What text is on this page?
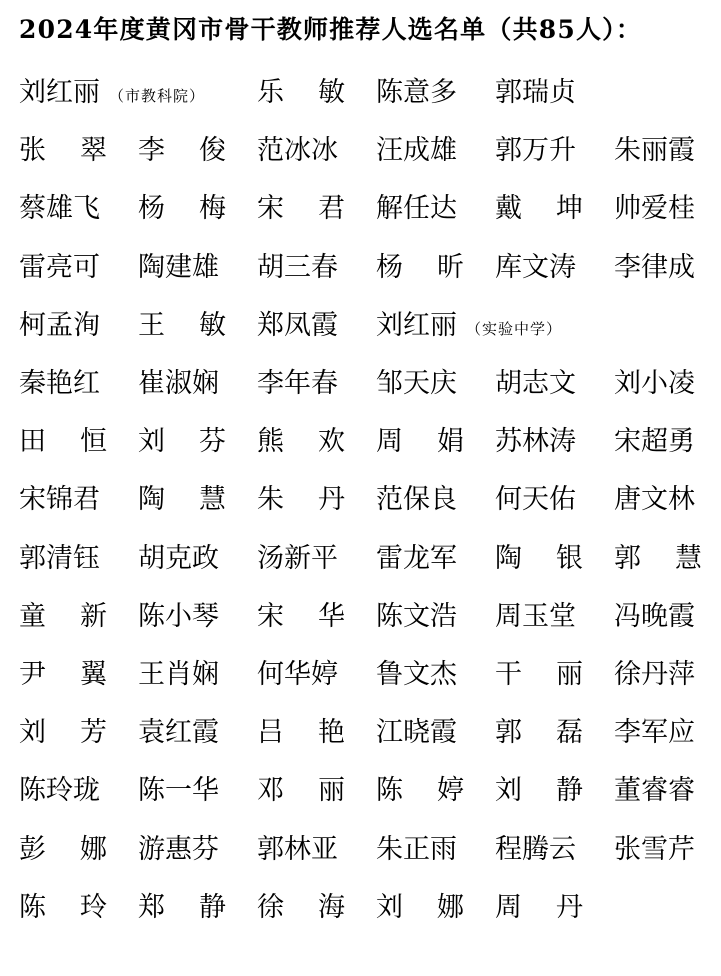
2024年度黄冈市骨干教师推荐人选名单（共85人）：
刘红丽 （市教科院） 乐 敏 陈意多 郭瑞贞
张 翠 李 俊 范冰冰 汪成雄 郭万升 朱丽霞
蔡雄飞 杨 梅 宋 君 解任达 戴 坤 帅爱桂
雷亮可 陶建雄 胡三春 杨 昕 库文涛 李律成
柯孟洵 王 敏 郑凤霞 刘红丽 （实验中学）
秦艳红 崔淑娴 李年春 邹天庆 胡志文 刘小凌
田 恒 刘 芬 熊 欢 周 娟 苏林涛 宋超勇
宋锦君 陶 慧 朱 丹 范保良 何天佑 唐文林
郭清钰 胡克政 汤新平 雷龙军 陶 银 郭 慧
童 新 陈小琴 宋 华 陈文浩 周玉堂 冯晚霞
尹 翼 王肖娴 何华婷 鲁文杰 干 丽 徐丹萍
刘 芳 袁红霞 吕 艳 江晓霞 郭 磊 李军应
陈玲珑 陈一华 邓 丽 陈 婷 刘 静 董睿睿
彭 娜 游惠芬 郭林亚 朱正雨 程腾云 张雪芹
陈 玲 郑 静 徐 海 刘 娜 周 丹
